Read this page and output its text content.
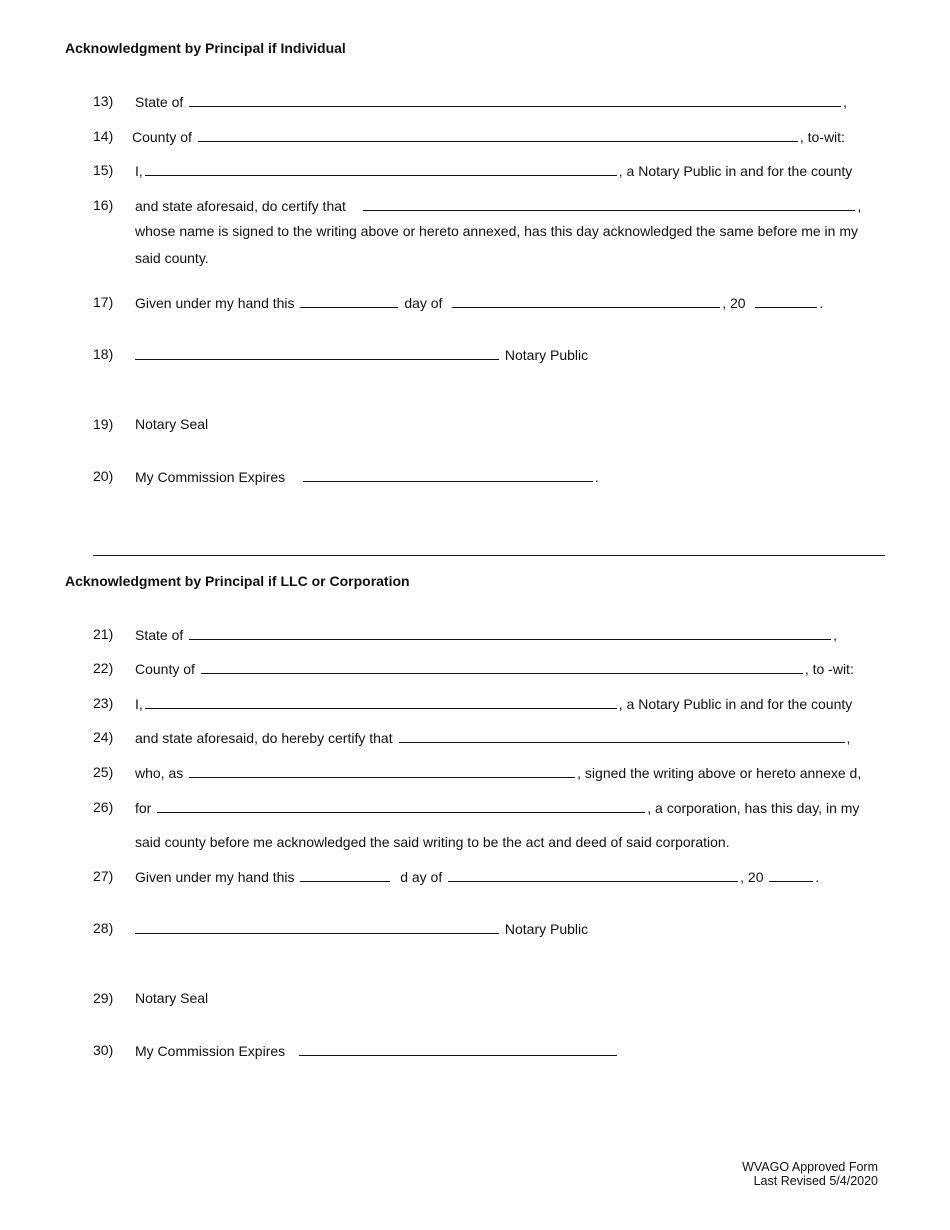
Acknowledgment by Principal if Individual
13) State of	,
14) County of	, to-wit:
15) I,	, a Notary Public in and for the county
16) and state aforesaid, do certify that	,
whose name is signed to the writing above or hereto annexed, has this day acknowledged the same before me in my
said county.
17) Given under my hand this	day of	, 20	.
18)	Notary Public
19) Notary Seal
20) My Commission Expires	.
Acknowledgment by Principal if LLC or Corporation
21) State of	,
22) County of	, to -wit:
23) I,	, a Notary Public in and for the county
24) and state aforesaid, do hereby certify that	,
25) who, as	, signed the writing above or hereto annexe d,
26) for	, a corporation, has this day, in my
said county before me acknowledged the said writing to be the act and deed of said corporation.
27) Given under my hand this	d ay of	, 20	.
28)	Notary Public
29) Notary Seal
30) My Commission Expires
WVAGO Approved Form
Last Revised 5/4/2020
